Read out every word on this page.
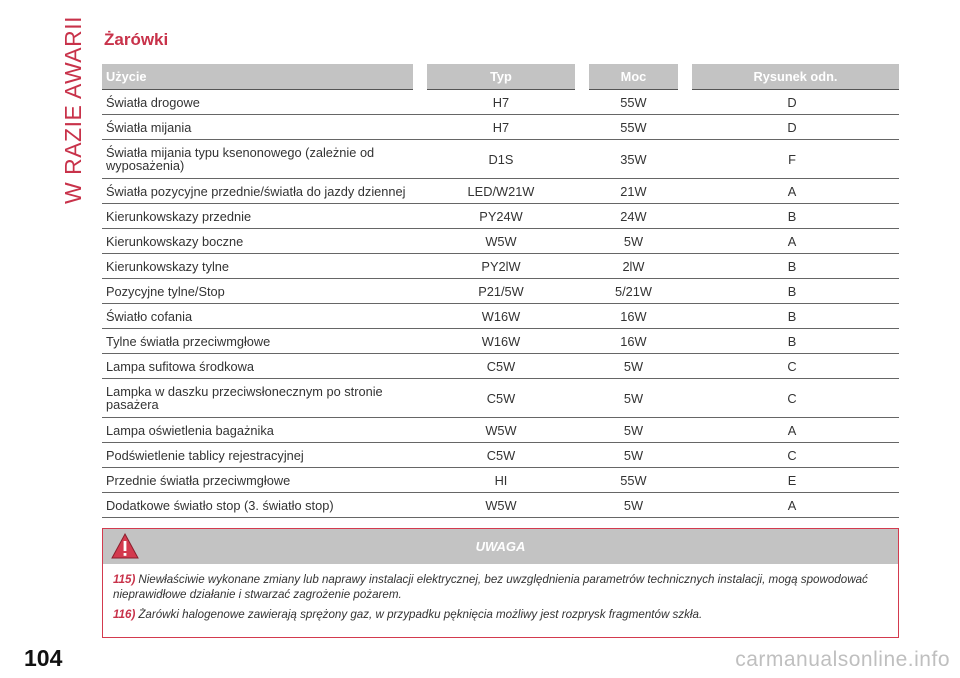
W RAZIE AWARII Żarówki
Użycie	Typ	Moc	Rysunek odn.
Światła drogowe	H7	55W	D
Światła mijania	H7	55W	D
Światła mijania typu ksenonowego (zależnie od wyposażenia)	D1S	35W	F
Światła pozycyjne przednie/światła do jazdy dziennej	LED/W21W	21W	A
Kierunkowskazy przednie	PY24W	24W	B
Kierunkowskazy boczne	W5W	5W	A
Kierunkowskazy tylne	PY2lW	2lW	B
Pozycyjne tylne/Stop	P21/5W	5/21W	B
Światło cofania	W16W	16W	B
Tylne światła przeciwmgłowe	W16W	16W	B
Lampa sufitowa środkowa	C5W	5W	C
Lampka w daszku przeciwsłonecznym po stronie pasażera	C5W	5W	C
Lampa oświetlenia bagażnika	W5W	5W	A
Podświetlenie tablicy rejestracyjnej	C5W	5W	C
Przednie światła przeciwmgłowe	HI	55W	E
Dodatkowe światło stop (3. światło stop)	W5W	5W	A
UWAGA

115) Niewłaściwie wykonane zmiany lub naprawy instalacji elektrycznej, bez uwzględnienia parametrów technicznych instalacji, mogą spowodować nieprawidłowe działanie i stwarzać zagrożenie pożarem.

116) Żarówki halogenowe zawierają sprężony gaz, w przypadku pęknięcia możliwy jest rozprysk fragmentów szkła.

104	carmanualsonline.info
